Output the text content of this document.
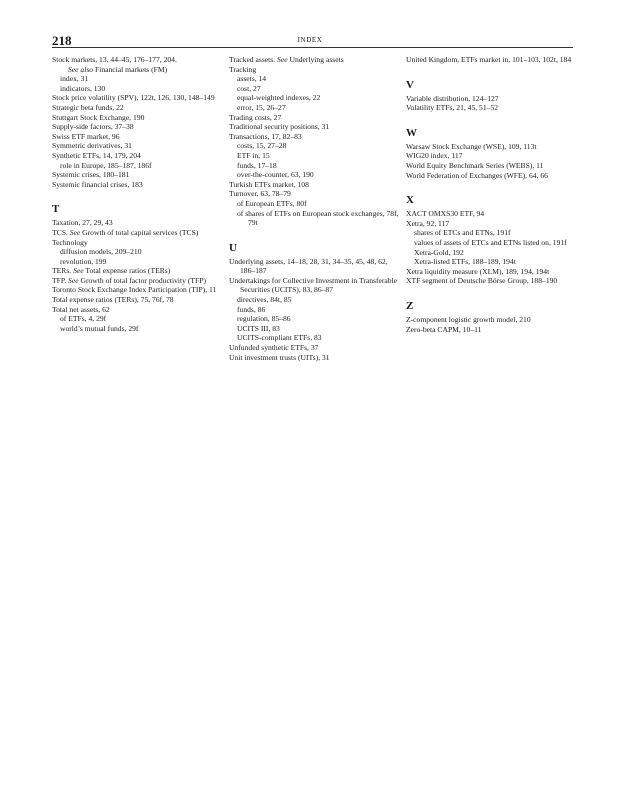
218	INDEX
Stock markets, 13, 44–45, 176–177, 204.
See also Financial markets (FM)
index, 31
indicators, 130
Stock price volatility (SPV), 122t, 126, 130, 148–149
Strategic beta funds, 22
Stuttgart Stock Exchange, 190
Supply-side factors, 37–38
Swiss ETF market, 96
Symmetric derivatives, 31
Synthetic ETFs, 14, 179, 204
role in Europe, 185–187, 186f
Systemic crises, 180–181
Systemic financial crises, 183
T
Taxation, 27, 29, 43
TCS. See Growth of total capital services (TCS)
Technology
diffusion models, 209–210
revolution, 199
TERs. See Total expense ratios (TERs)
TFP. See Growth of total factor productivity (TFP)
Toronto Stock Exchange Index Participation (TIP), 11
Total expense ratios (TERs), 75, 76f, 78
Total net assets, 62
of ETFs, 4, 29f
world’s mutual funds, 29f
Tracked assets. See Underlying assets
Tracking
assets, 14
cost, 27
equal-weighted indexes, 22
error, 15, 26–27
Trading costs, 27
Traditional security positions, 31
Transactions, 17, 82–83
costs, 15, 27–28
ETF in, 15
funds, 17–18
over-the-counter, 63, 190
Turkish ETFs market, 108
Turnover, 63, 78–79
of European ETFs, 80f
of shares of ETFs on European stock exchanges, 78f, 79t
U
Underlying assets, 14–18, 28, 31, 34–35, 45, 48, 62, 186–187
Undertakings for Collective Investment in Transferable Securities (UCITS), 83, 86–87
directives, 84t, 85
funds, 86
regulation, 85–86
UCITS III, 83
UCITS-compliant ETFs, 83
Unfunded synthetic ETFs, 37
Unit investment trusts (UITs), 31
United Kingdom, ETFs market in, 101–103, 102t, 184
V
Variable distribution, 124–127
Volatility ETFs, 21, 45, 51–52
W
Warsaw Stock Exchange (WSE), 109, 113t
WIG20 index, 117
World Equity Benchmark Series (WEBS), 11
World Federation of Exchanges (WFE), 64, 66
X
XACT OMXS30 ETF, 94
Xetra, 92, 117
shares of ETCs and ETNs, 191f
values of assets of ETCs and ETNs listed on, 191f
Xetra-Gold, 192
Xetra-listed ETFs, 188–189, 194t
Xetra liquidity measure (XLM), 189, 194, 194t
XTF segment of Deutsche Börse Group, 188–190
Z
Z-component logistic growth model, 210
Zero-beta CAPM, 10–11
